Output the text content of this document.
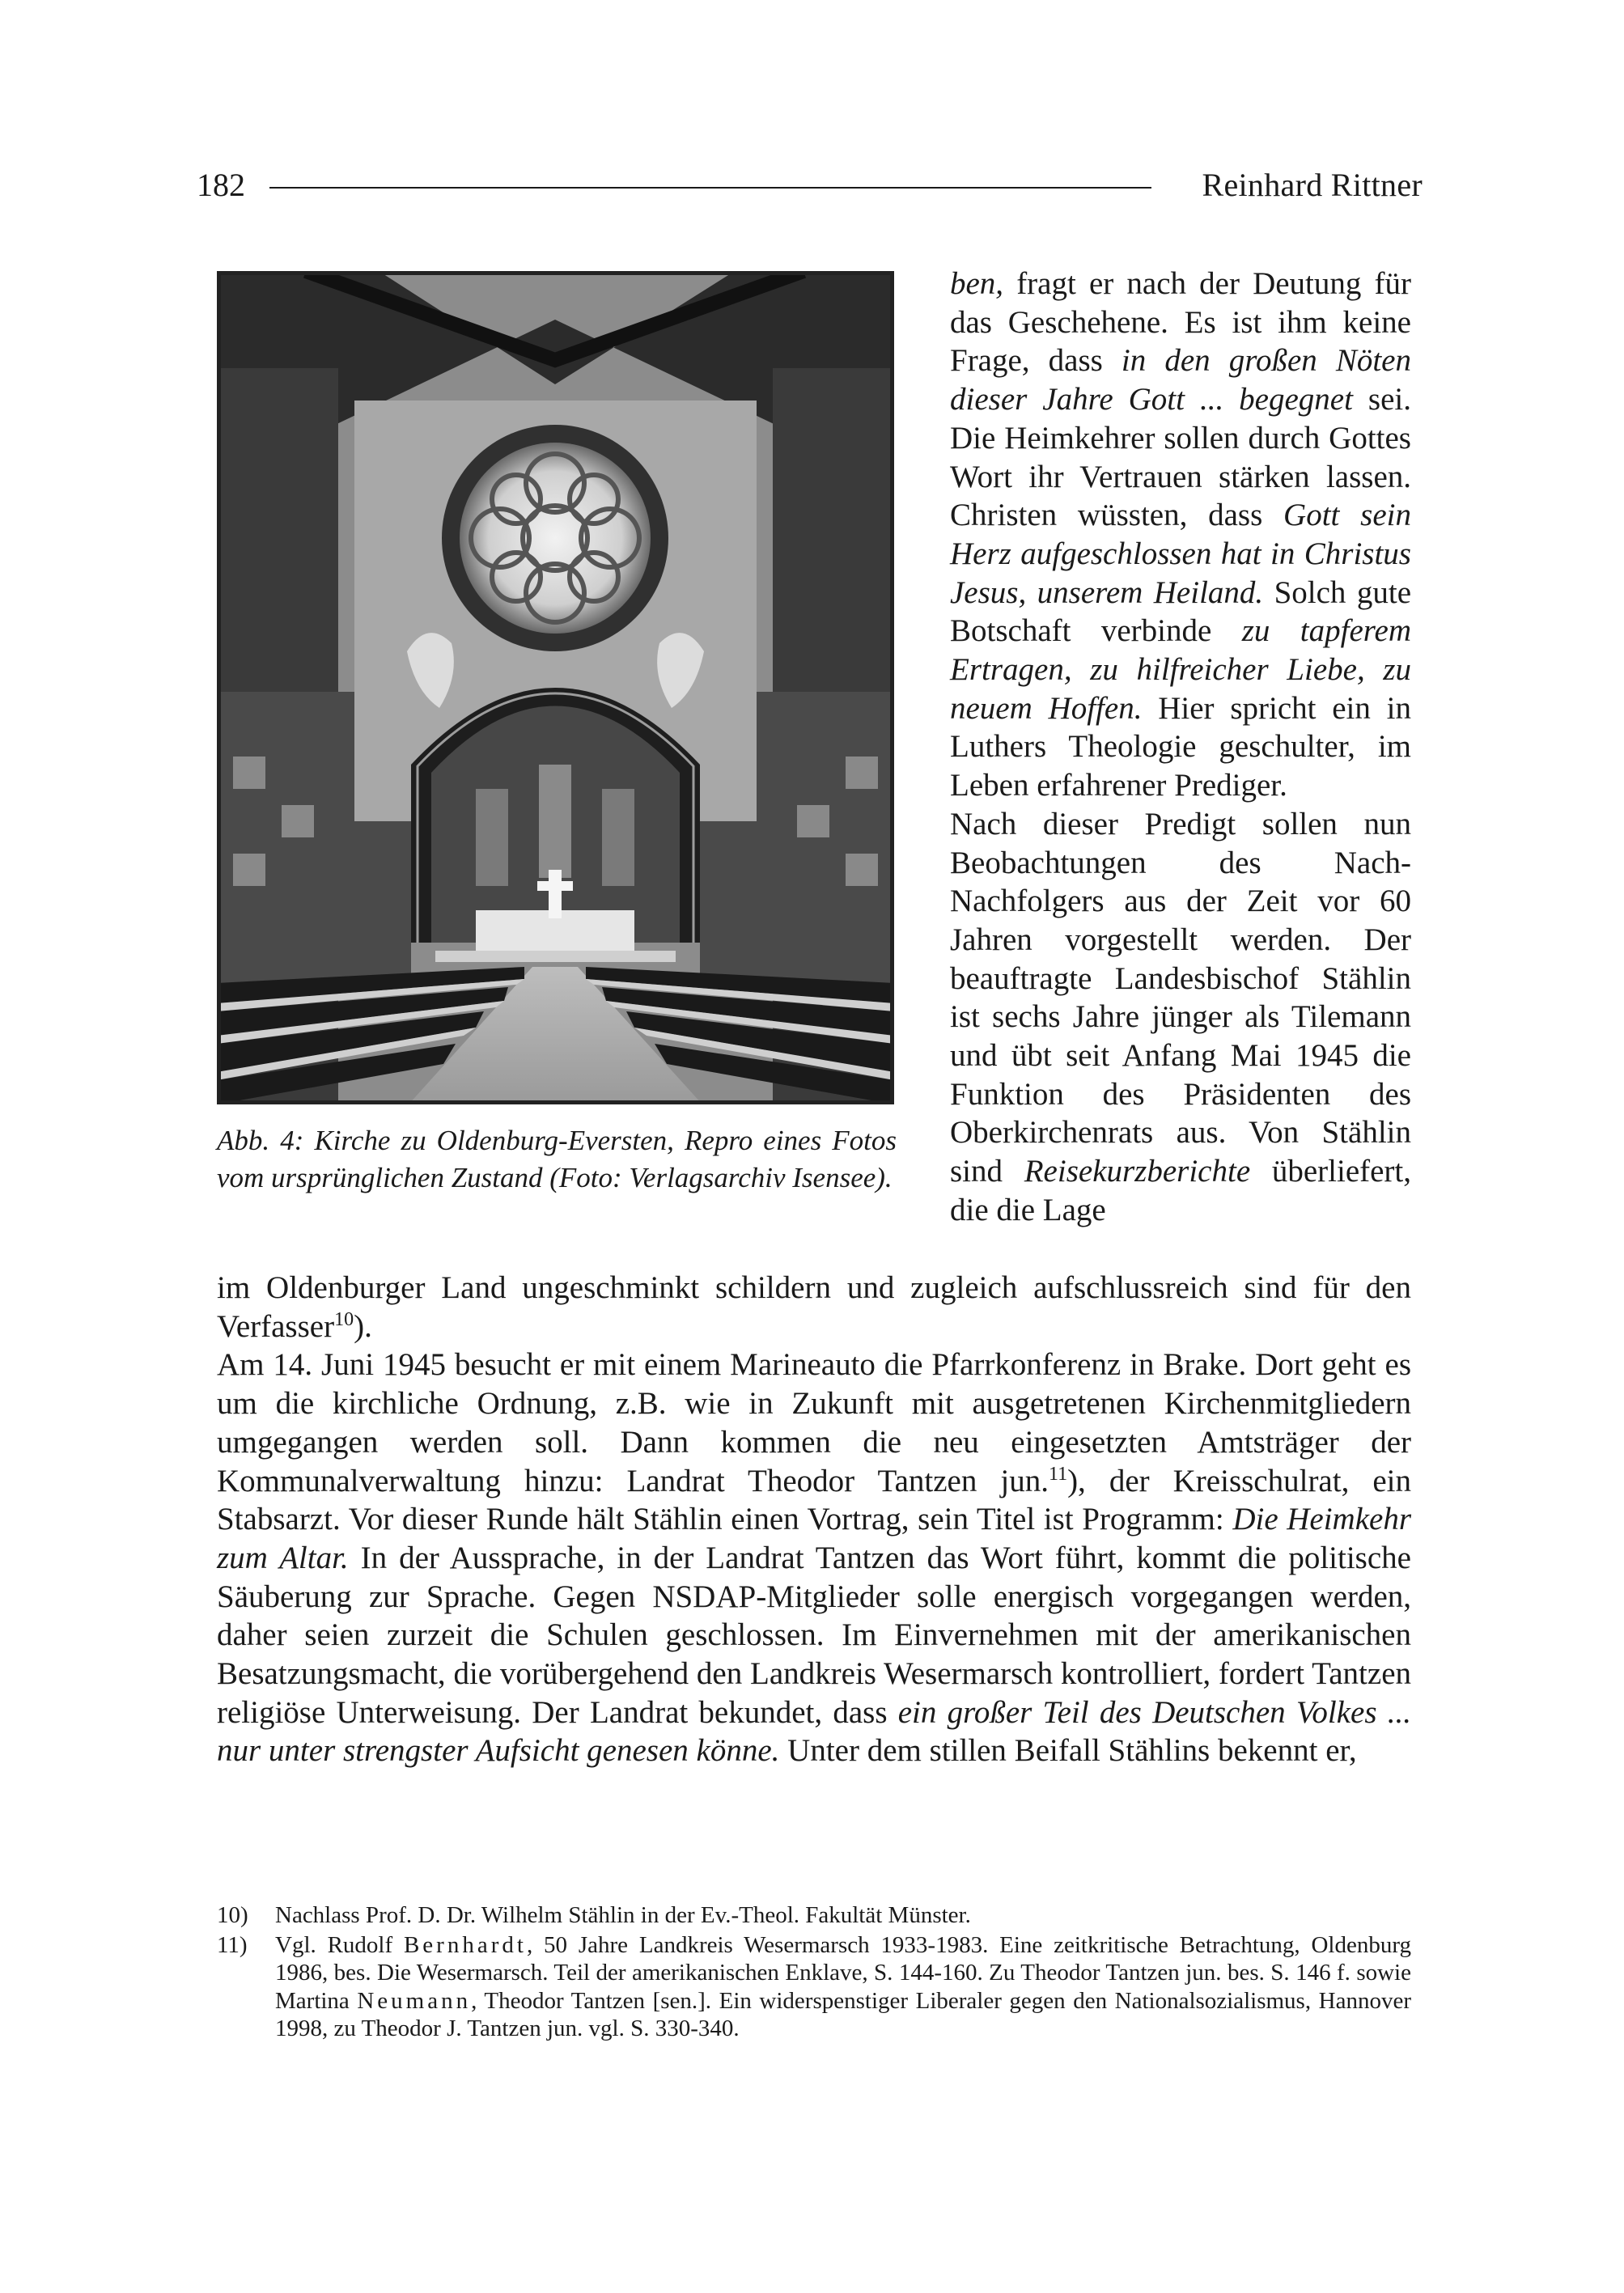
182	Reinhard Rittner
Abb. 4: Kirche zu Oldenburg-Eversten, Repro eines Fotos vom ursprünglichen Zustand (Foto: Verlagsarchiv Isensee).

ben, fragt er nach der Deutung für das Geschehene. Es ist ihm keine Frage, dass in den großen Nöten dieser Jahre Gott ... begegnet sei. Die Heimkehrer sollen durch Gottes Wort ihr Vertrauen stärken lassen. Christen wüssten, dass Gott sein Herz aufgeschlossen hat in Christus Jesus, unserem Heiland. Solch gute Botschaft verbinde zu tapferem Ertragen, zu hilfreicher Liebe, zu neuem Hoffen. Hier spricht ein in Luthers Theologie geschulter, im Leben erfahrener Prediger.

Nach dieser Predigt sollen nun Beobachtungen des Nach-Nachfolgers aus der Zeit vor 60 Jahren vorgestellt werden. Der beauftragte Landesbischof Stählin ist sechs Jahre jünger als Tilemann und übt seit Anfang Mai 1945 die Funktion des Präsidenten des Oberkirchenrats aus. Von Stählin sind Reisekurzberichte überliefert, die die Lage

im Oldenburger Land ungeschminkt schildern und zugleich aufschlussreich sind für den Verfasser$^{10}$).

Am 14. Juni 1945 besucht er mit einem Marineauto die Pfarrkonferenz in Brake. Dort geht es um die kirchliche Ordnung, z.B. wie in Zukunft mit ausgetretenen Kirchenmitgliedern umgegangen werden soll. Dann kommen die neu eingesetzten Amtsträger der Kommunalverwaltung hinzu: Landrat Theodor Tantzen jun.$^{11}$), der Kreisschulrat, ein Stabsarzt. Vor dieser Runde hält Stählin einen Vortrag, sein Titel ist Programm: Die Heimkehr zum Altar. In der Aussprache, in der Landrat Tantzen das Wort führt, kommt die politische Säuberung zur Sprache. Gegen NSDAP-Mitglieder solle energisch vorgegangen werden, daher seien zurzeit die Schulen geschlossen. Im Einvernehmen mit der amerikanischen Besatzungsmacht, die vorübergehend den Landkreis Wesermarsch kontrolliert, fordert Tantzen religiöse Unterweisung. Der Landrat bekundet, dass ein großer Teil des Deutschen Volkes ... nur unter strengster Aufsicht genesen könne. Unter dem stillen Beifall Stählins bekennt er,

10) Nachlass Prof. D. Dr. Wilhelm Stählin in der Ev.-Theol. Fakultät Münster.
11) Vgl. Rudolf Bernhardt, 50 Jahre Landkreis Wesermarsch 1933-1983. Eine zeitkritische Betrachtung, Oldenburg 1986, bes. Die Wesermarsch. Teil der amerikanischen Enklave, S. 144-160. Zu Theodor Tantzen jun. bes. S. 146 f. sowie Martina Neumann, Theodor Tantzen [sen.]. Ein widerspenstiger Liberaler gegen den Nationalsozialismus, Hannover 1998, zu Theodor J. Tantzen jun. vgl. S. 330-340.
